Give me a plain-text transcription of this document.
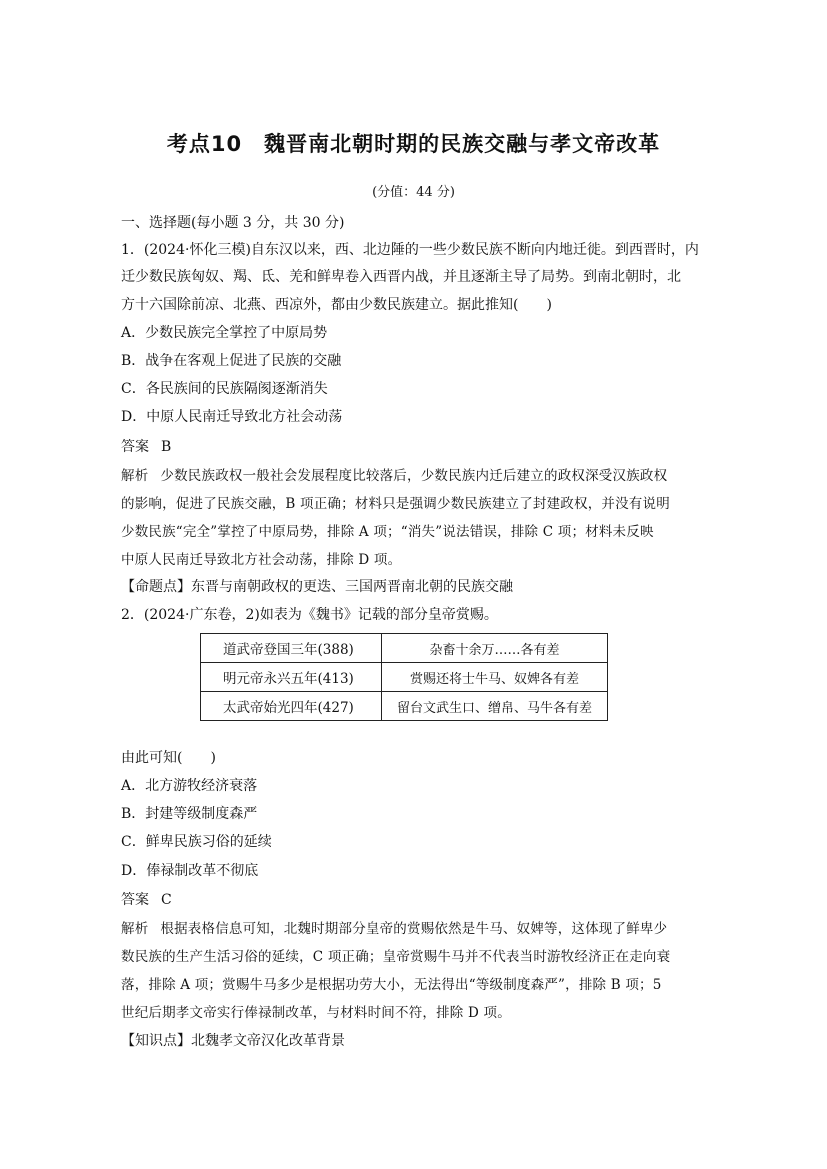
考点10 魏晋南北朝时期的民族交融与孝文帝改革
(分值：44 分)
一、选择题(每小题 3 分，共 30 分)
1．(2024·怀化三模)自东汉以来，西、北边陲的一些少数民族不断向内地迁徙。到西晋时，内
迁少数民族匈奴、羯、氐、羌和鲜卑卷入西晋内战，并且逐渐主导了局势。到南北朝时，北
方十六国除前凉、北燕、西凉外，都由少数民族建立。据此推知(　　)
A．少数民族完全掌控了中原局势
B．战争在客观上促进了民族的交融
C．各民族间的民族隔阂逐渐消失
D．中原人民南迁导致北方社会动荡
答案 B
解析 少数民族政权一般社会发展程度比较落后，少数民族内迁后建立的政权深受汉族政权
的影响，促进了民族交融，B 项正确；材料只是强调少数民族建立了封建政权，并没有说明
少数民族“完全”掌控了中原局势，排除 A 项；“消失”说法错误，排除 C 项；材料未反映
中原人民南迁导致北方社会动荡，排除 D 项。
【命题点】东晋与南朝政权的更迭、三国两晋南北朝的民族交融
2．(2024·广东卷，2)如表为《魏书》记载的部分皇帝赏赐。
道武帝登国三年(388)	杂畜十余万……各有差
明元帝永兴五年(413)	赏赐还将士牛马、奴婢各有差
太武帝始光四年(427)	留台文武生口、缯帛、马牛各有差
由此可知(　　)
A．北方游牧经济衰落
B．封建等级制度森严
C．鲜卑民族习俗的延续
D．俸禄制改革不彻底
答案 C
解析 根据表格信息可知，北魏时期部分皇帝的赏赐依然是牛马、奴婢等，这体现了鲜卑少
数民族的生产生活习俗的延续，C 项正确；皇帝赏赐牛马并不代表当时游牧经济正在走向衰
落，排除 A 项；赏赐牛马多少是根据功劳大小，无法得出“等级制度森严”，排除 B 项；5
世纪后期孝文帝实行俸禄制改革，与材料时间不符，排除 D 项。
【知识点】北魏孝文帝汉化改革背景
